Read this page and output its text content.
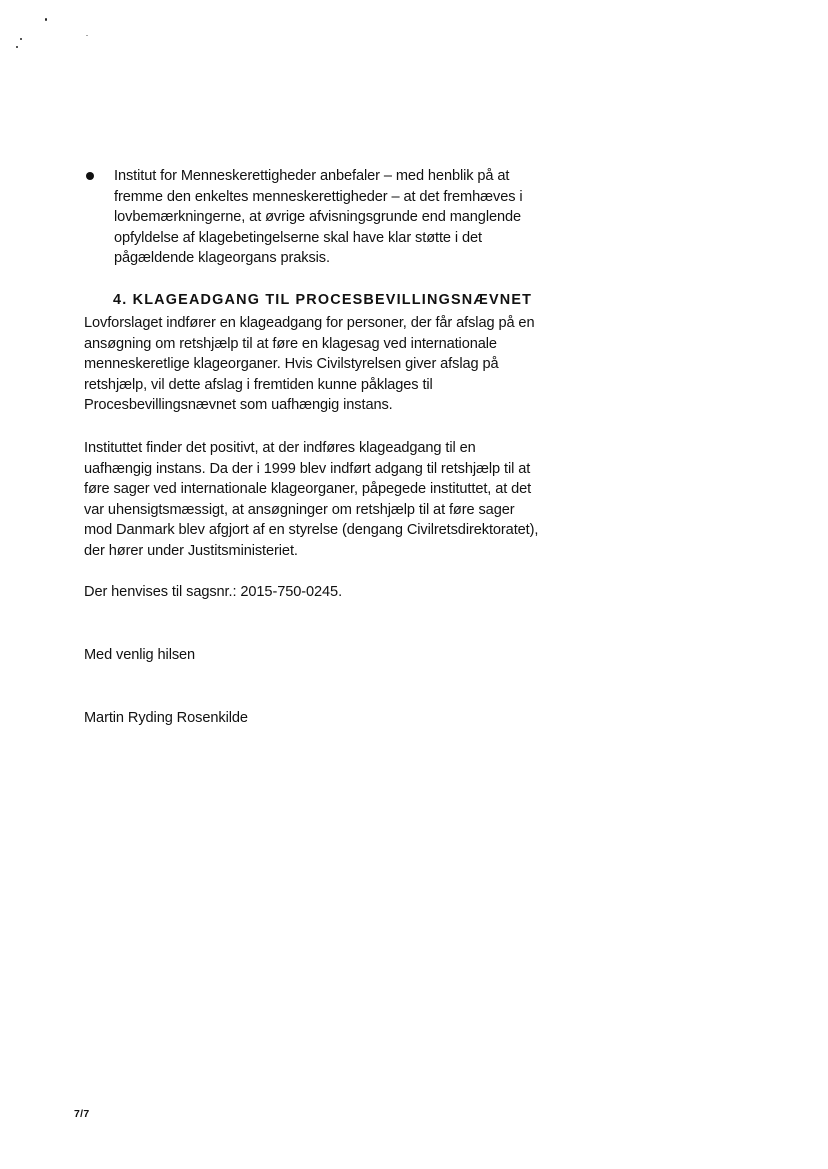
Institut for Menneskerettigheder anbefaler – med henblik på at
fremme den enkeltes menneskerettigheder – at det fremhæves i
lovbemærkningerne, at øvrige afvisningsgrunde end manglende
opfyldelse af klagebetingelserne skal have klar støtte i det
pågældende klageorgans praksis.
4. KLAGEADGANG TIL PROCESBEVILLINGSNÆVNET

Lovforslaget indfører en klageadgang for personer, der får afslag på en
ansøgning om retshjælp til at føre en klagesag ved internationale
menneskeretlige klageorganer. Hvis Civilstyrelsen giver afslag på
retshjælp, vil dette afslag i fremtiden kunne påklages til
Procesbevillingsnævnet som uafhængig instans.

Instituttet finder det positivt, at der indføres klageadgang til en
uafhængig instans. Da der i 1999 blev indført adgang til retshjælp til at
føre sager ved internationale klageorganer, påpegede instituttet, at det
var uhensigtsmæssigt, at ansøgninger om retshjælp til at føre sager
mod Danmark blev afgjort af en styrelse (dengang Civilretsdirektoratet),
der hører under Justitsministeriet.

Der henvises til sagsnr.: 2015-750-0245.

Med venlig hilsen

Martin Ryding Rosenkilde

7/7
